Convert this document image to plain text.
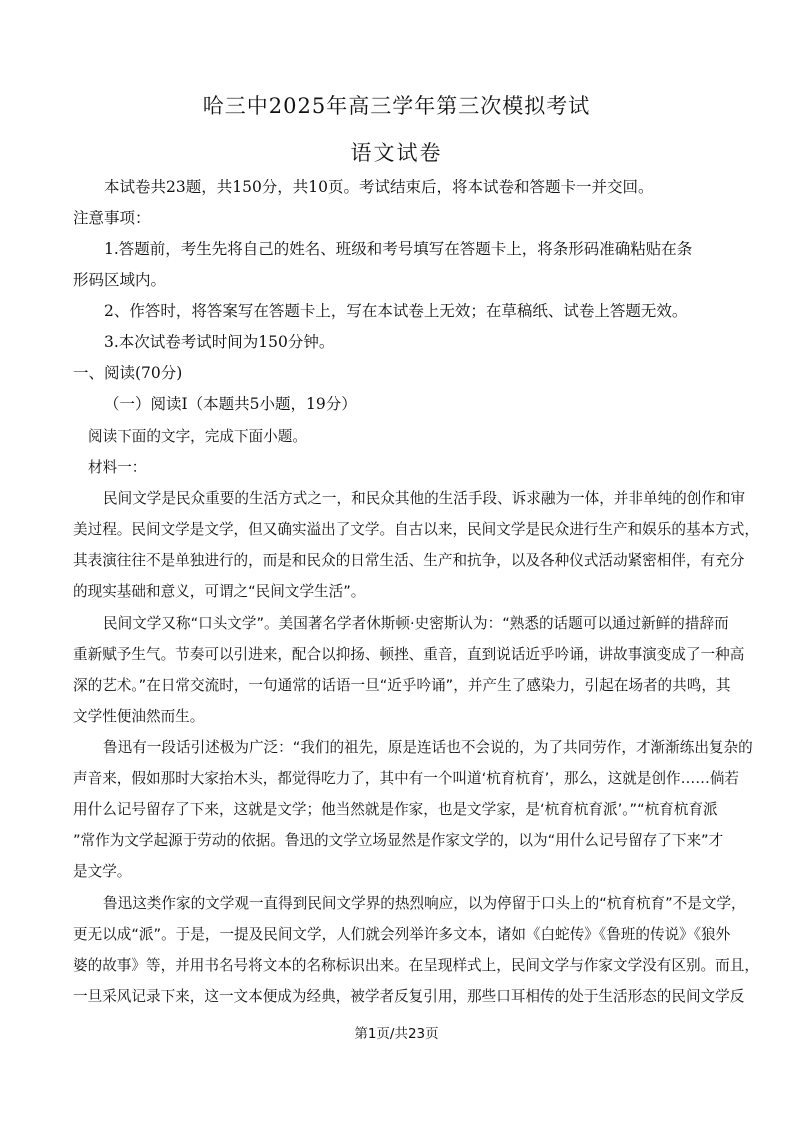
哈三中2025年高三学年第三次模拟考试
语文试卷
本试卷共23题，共150分，共10页。考试结束后，将本试卷和答题卡一并交回。
注意事项：
1.答题前，考生先将自己的姓名、班级和考号填写在答题卡上，将条形码准确粘贴在条
形码区域内。
2、作答时，将答案写在答题卡上，写在本试卷上无效；在草稿纸、试卷上答题无效。
3.本次试卷考试时间为150分钟。
一、阅读(70分)
（一）阅读Ⅰ（本题共5小题，19分）
阅读下面的文字，完成下面小题。
材料一：
民间文学是民众重要的生活方式之一，和民众其他的生活手段、诉求融为一体，并非单纯的创作和审
美过程。民间文学是文学，但又确实溢出了文学。自古以来，民间文学是民众进行生产和娱乐的基本方式，
其表演往往不是单独进行的，而是和民众的日常生活、生产和抗争，以及各种仪式活动紧密相伴，有充分
的现实基础和意义，可谓之“民间文学生活”。
民间文学又称“口头文学”。美国著名学者休斯顿·史密斯认为：“熟悉的话题可以通过新鲜的措辞而
重新赋予生气。节奏可以引进来，配合以抑扬、顿挫、重音，直到说话近乎吟诵，讲故事演变成了一种高
深的艺术。”在日常交流时，一句通常的话语一旦“近乎吟诵”，并产生了感染力，引起在场者的共鸣，其
文学性便油然而生。
鲁迅有一段话引述极为广泛：“我们的祖先，原是连话也不会说的，为了共同劳作，才渐渐练出复杂的
声音来，假如那时大家抬木头，都觉得吃力了，其中有一个叫道‘杭育杭育’，那么，这就是创作……倘若
用什么记号留存了下来，这就是文学；他当然就是作家，也是文学家，是‘杭育杭育派’。”“杭育杭育派
”常作为文学起源于劳动的依据。鲁迅的文学立场显然是作家文学的，以为“用什么记号留存了下来”才
是文学。
鲁迅这类作家的文学观一直得到民间文学界的热烈响应，以为停留于口头上的“杭育杭育”不是文学，
更无以成“派”。于是，一提及民间文学，人们就会列举许多文本，诸如《白蛇传》《鲁班的传说》《狼外
婆的故事》等，并用书名号将文本的名称标识出来。在呈现样式上，民间文学与作家文学没有区别。而且，
一旦采风记录下来，这一文本便成为经典，被学者反复引用，那些口耳相传的处于生活形态的民间文学反
第1页/共23页
